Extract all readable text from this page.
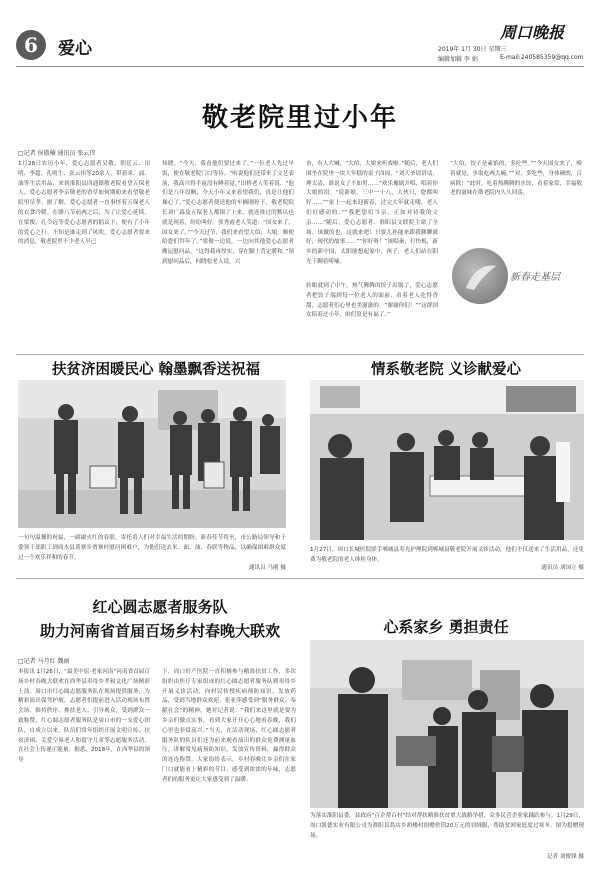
6 爱心
周口晚报
2019年 1月 30日 星期三
编辑加辑 李 娟	E-mail:240585359@qq.com
敬老院里过小年
□记者 侯傲楠 通讯员 张云伟
1月28日农历小年，爱心志愿者吴敬、朝廷云、田明、李超、孔明生、张云伟等20余人，带着米、面、油等生活用品，来到淮阳县四通镇敬老院看望五保老人。爱心志愿者李亲敬老的香草如何期盼来看望敬老院里尽孝。据了解，爱心志愿者一直事怪着五保老人的衣食冷暖。在腊八节前两之后，为了让爱心延续，在梁俊、孔令远等爱心志愿者的倡议下，便有了小年的爱心之行。不知是谁走到了风吹，爱心志愿者要来的消息，敬老院里不少老人早已
知晓。“今天，我看他们要过来了。”一位老人先过早饭，便在敬老院门口等待。“听说他们还带来了文艺表演，我高兴得半夜没有睡着觉。”田桥老人笑着说，“他们是八年没断，今天小年又来看望我们，真是让他们操心了。”爱心志愿者使送他的车辆刚停下，敬老院院长刘广森及五保老人都围了上来，就连准过的默认也就是现着，纷纷叫好。张秀霞老人笑道：“国女来了，国女来了。”“今天过节，我们来看望大伯、大娘，顺便给您们拜年了。”梁俊一边说，一边向其他爱心志愿者搬运慰问品。“这得我再厚实，穿在脚上背定暖和。”领到慰问品后，何晓松老人说，兴
奋，有人大喊，“大伯、大娘来听戏啦。”随后，老人们围坐在院里一块大年糕的桌子四周。“刘大爷请讲话，理太清，谁说女子不如男……”欢乐豫剧开唱，唱着你大娘的泪。“说新娘，三中一十八，大伙只，您都叫好……”“家上一起来迎新春，过完大年就走喽。老人们好感动的，”“我把您们当亲，正如对待我的父亲……”随后，爱心志愿者、淮阳县文联院主席了全场。该做的也，这就来吧！只要儿孙能来跟我聊聊就好，现代的故事……”“你好呀！”该唱秦，打快板，新乡的新中国，太阳能想起家中，孩子，老人们站在阳光下聊着唠嗑。
转眼就到了中午，热气腾腾的饺子出锅了，爱心志愿者把饺子端到每一位老人的面前，看着老人吃得香甜，志愿者们心里也美滋滋的。“谢谢你们！”“这群国女陪着过小年，咱们算是有福了。”
“大伯，饺子是素馅的，多吃些。”“今天国女来了，唤着就是，争取吃两大碗。”“对，多吃些，身体硬朗，百病除！”此时，吃着热腾腾的水饺，看着家常，幸福敬老的滋味在敬老院内久久回荡。
新春走基层
扶贫济困暖民心 翰墨飘香送祝福
一句句温馨的祝福，一副副火红的春联，寄托着人们对幸福生活的期盼。新春佳节将至，市公路局领导和于委领干部职工到商水县黄寨乡贾寨村慰问困难户，为他们送去米、面、油、春联等物品，以确保困难群众度过一个欢乐祥和的春节。
通讯员 马刚 摄
情系敬老院 义诊献爱心
1月27日，周口长城医院联手郸城县寿光护理院到郸城县敬老院开展义诊活动，他们不仅送来了生活用品，还免费为敬老院的老人体检身体。
通讯员 刘国立 摄
红心圆志愿者服务队
助力河南省首届百场乡村春晚大联欢
□记者 马月红 魏丽
本报讯 1月26日，“最美中原·老家河南”河南省首届百场乡村春晚大联欢在西华县奉母乡孝和文化广场精彩上演。周口市红心圆志愿服务队在现场提供服务，为精彩演出保驾护航，志愿者们提前进入活动现场布置会场、维持秩序、搀扶老人、引导观众，受到群众一致称赞。红心圆志愿者服务队是周口市的一支爱心团队，自成立以来，队员们常年组织开展文明宣传、扶贫济困、关爱空巢老人和留守儿童等志愿服务活动，在社会上传递正能量。据悉，2018年，在西华县的领导
下，周口好产医院一直积极参与精准扶贫工作，多次组织由医疗专家组成的红心圆志愿者服务队到奉母乡开展义诊活动，向村民传授疾病预防知识、发放药品，受到当地群众欢迎。张亚萍感受到“服务群众、奉献社会”的精神，她对记者说：“我们来这里就是要为乡亲们做点实事，看到大家开开心心地看春晚，我们心里也非常高兴。”当天，在活动现场，红心圆志愿者服务队的队员们还为前来观看演出的群众免费测量血压，讲解常见病预防知识，发放宣传资料，赢得群众的连连称赞。大家纷纷表示，乡村春晚让乡亲们在家门口就能看上精彩的节目，感受到浓浓的年味，志愿者们的服务更让大家感受到了温暖。
心系家乡 勇担责任
为落实淮阳县委、县政府“百企帮百村”结对帮扶精准扶贫重大战略举措，众多民营企业家踊跃参与。1月29日，周口凯德实业有限公司为淮阳县葛店乡胡楼村捐赠价值20万元的羽绒服，帮助贫困家庭度过寒冬。图为捐赠现场。
记者 刘俊锋 摄
